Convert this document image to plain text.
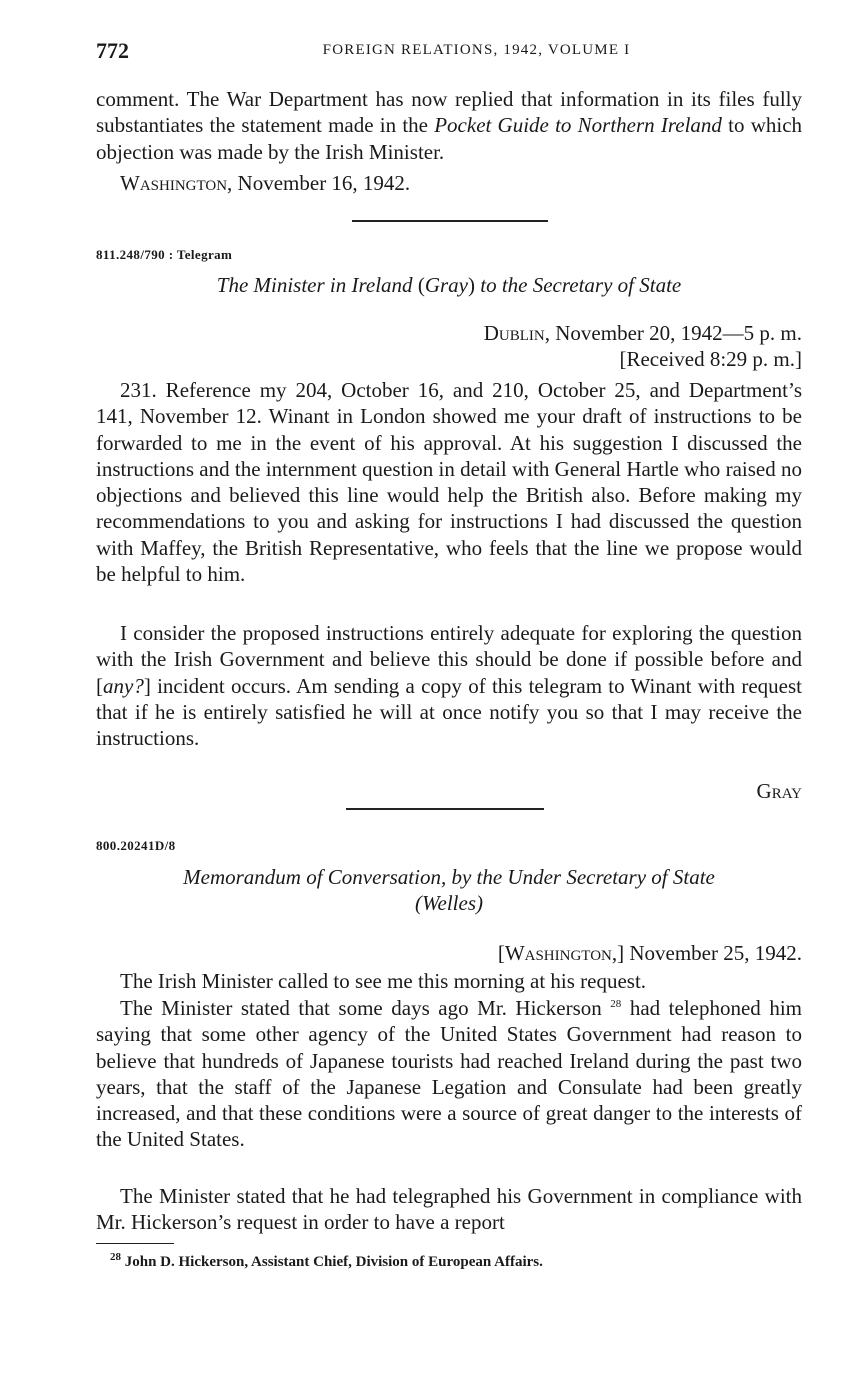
772	FOREIGN RELATIONS, 1942, VOLUME I
comment. The War Department has now replied that information in its files fully substantiates the statement made in the Pocket Guide to Northern Ireland to which objection was made by the Irish Minister.
Washington, November 16, 1942.
811.248/790 : Telegram
The Minister in Ireland (Gray) to the Secretary of State
Dublin, November 20, 1942—5 p. m.
[Received 8:29 p. m.]
231. Reference my 204, October 16, and 210, October 25, and Department’s 141, November 12. Winant in London showed me your draft of instructions to be forwarded to me in the event of his approval. At his suggestion I discussed the instructions and the internment question in detail with General Hartle who raised no objections and believed this line would help the British also. Before making my recommendations to you and asking for instructions I had discussed the question with Maffey, the British Representative, who feels that the line we propose would be helpful to him.
I consider the proposed instructions entirely adequate for exploring the question with the Irish Government and believe this should be done if possible before and [any?] incident occurs. Am sending a copy of this telegram to Winant with request that if he is entirely satisfied he will at once notify you so that I may receive the instructions.
Gray
800.20241D/8
Memorandum of Conversation, by the Under Secretary of State
(Welles)
[Washington,] November 25, 1942.
The Irish Minister called to see me this morning at his request.
The Minister stated that some days ago Mr. Hickerson $^{28}$ had telephoned him saying that some other agency of the United States Government had reason to believe that hundreds of Japanese tourists had reached Ireland during the past two years, that the staff of the Japanese Legation and Consulate had been greatly increased, and that these conditions were a source of great danger to the interests of the United States.
The Minister stated that he had telegraphed his Government in compliance with Mr. Hickerson’s request in order to have a report
$^{28}$ John D. Hickerson, Assistant Chief, Division of European Affairs.
